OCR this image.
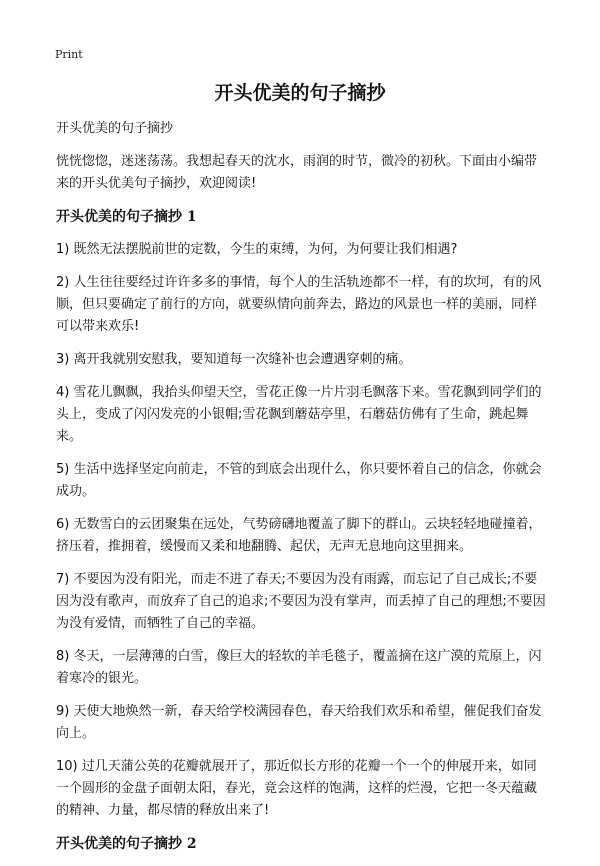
Print
开头优美的句子摘抄

开头优美的句子摘抄

恍恍惚惚，迷迷荡荡。我想起春天的沈水，雨润的时节，微冷的初秋。下面由小编带来的开头优美句子摘抄，欢迎阅读!

开头优美的句子摘抄 1

1) 既然无法摆脱前世的定数，今生的束缚，为何，为何要让我们相遇?

2) 人生往往要经过许许多多的事情，每个人的生活轨迹都不一样，有的坎坷，有的风顺，但只要确定了前行的方向，就要纵情向前奔去，路边的风景也一样的美丽，同样可以带来欢乐!

3) 离开我就别安慰我，要知道每一次缝补也会遭遇穿刺的痛。

4) 雪花儿飘飘，我抬头仰望天空，雪花正像一片片羽毛飘落下来。雪花飘到同学们的头上，变成了闪闪发亮的小银帽;雪花飘到蘑菇亭里，石蘑菇仿佛有了生命，跳起舞来。

5) 生活中选择坚定向前走，不管的到底会出现什么，你只要怀着自己的信念，你就会成功。

6) 无数雪白的云团聚集在远处，气势磅礴地覆盖了脚下的群山。云块轻轻地碰撞着，挤压着，推拥着，缓慢而又柔和地翻腾、起伏，无声无息地向这里拥来。

7) 不要因为没有阳光，而走不进了春天;不要因为没有雨露，而忘记了自己成长;不要因为没有歌声，而放弃了自己的追求;不要因为没有掌声，而丢掉了自己的理想;不要因为没有爱情，而牺牲了自己的幸福。

8) 冬天，一层薄薄的白雪，像巨大的轻软的羊毛毯子，覆盖摘在这广漠的荒原上，闪着寒冷的银光。

9) 天使大地焕然一新，春天给学校满园春色，春天给我们欢乐和希望，催促我们奋发向上。

10) 过几天蒲公英的花瓣就展开了，那近似长方形的花瓣一个一个的伸展开来，如同一个圆形的金盘子面朝太阳，春光，竟会这样的饱满，这样的烂漫，它把一冬天蕴藏的精神、力量，都尽情的释放出来了!

开头优美的句子摘抄 2
